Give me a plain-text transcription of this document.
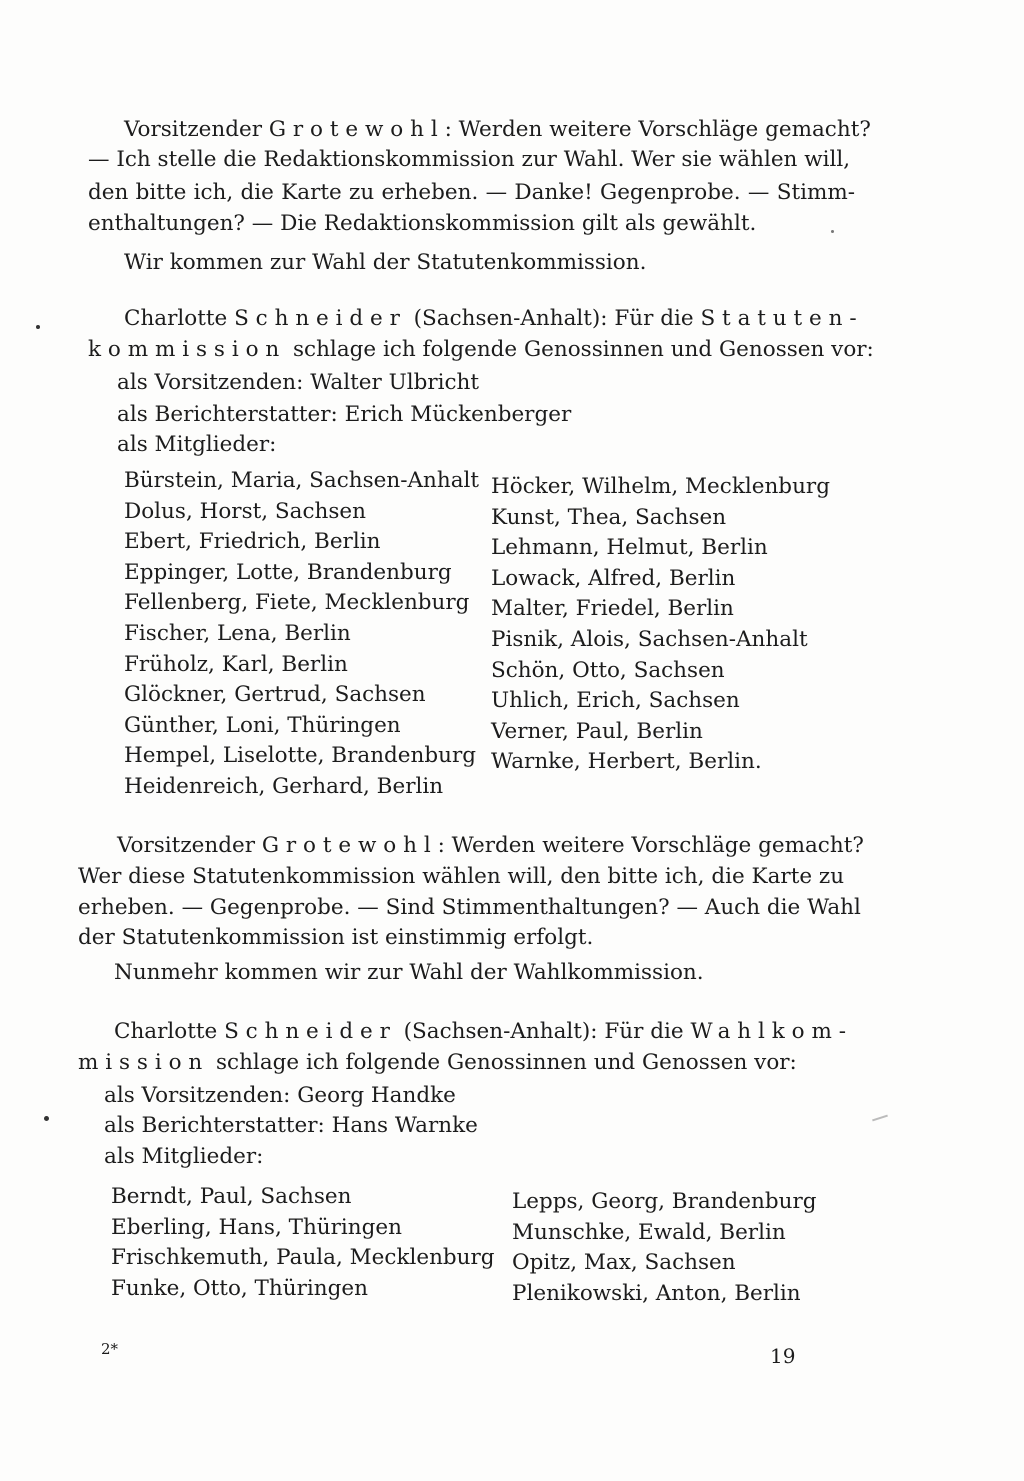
Vorsitzender Grotewohl: Werden weitere Vorschläge gemacht?
— Ich stelle die Redaktionskommission zur Wahl. Wer sie wählen will,
den bitte ich, die Karte zu erheben. — Danke! Gegenprobe. — Stimm-
enthaltungen? — Die Redaktionskommission gilt als gewählt.
Wir kommen zur Wahl der Statutenkommission.
Charlotte Schneider (Sachsen-Anhalt): Für die Statuten-
kommission schlage ich folgende Genossinnen und Genossen vor:
als Vorsitzenden: Walter Ulbricht
als Berichterstatter: Erich Mückenberger
als Mitglieder:
Bürstein, Maria, Sachsen-Anhalt
Dolus, Horst, Sachsen
Ebert, Friedrich, Berlin
Eppinger, Lotte, Brandenburg
Fellenberg, Fiete, Mecklenburg
Fischer, Lena, Berlin
Früholz, Karl, Berlin
Glöckner, Gertrud, Sachsen
Günther, Loni, Thüringen
Hempel, Liselotte, Brandenburg
Heidenreich, Gerhard, Berlin
Höcker, Wilhelm, Mecklenburg
Kunst, Thea, Sachsen
Lehmann, Helmut, Berlin
Lowack, Alfred, Berlin
Malter, Friedel, Berlin
Pisnik, Alois, Sachsen-Anhalt
Schön, Otto, Sachsen
Uhlich, Erich, Sachsen
Verner, Paul, Berlin
Warnke, Herbert, Berlin.
Vorsitzender Grotewohl: Werden weitere Vorschläge gemacht?
Wer diese Statutenkommission wählen will, den bitte ich, die Karte zu
erheben. — Gegenprobe. — Sind Stimmenthaltungen? — Auch die Wahl
der Statutenkommission ist einstimmig erfolgt.
Nunmehr kommen wir zur Wahl der Wahlkommission.
Charlotte Schneider (Sachsen-Anhalt): Für die Wahlkom-
mission schlage ich folgende Genossinnen und Genossen vor:
als Vorsitzenden: Georg Handke
als Berichterstatter: Hans Warnke
als Mitglieder:
Berndt, Paul, Sachsen
Eberling, Hans, Thüringen
Frischkemuth, Paula, Mecklenburg
Funke, Otto, Thüringen
Lepps, Georg, Brandenburg
Munschke, Ewald, Berlin
Opitz, Max, Sachsen
Plenikowski, Anton, Berlin
2*	19
